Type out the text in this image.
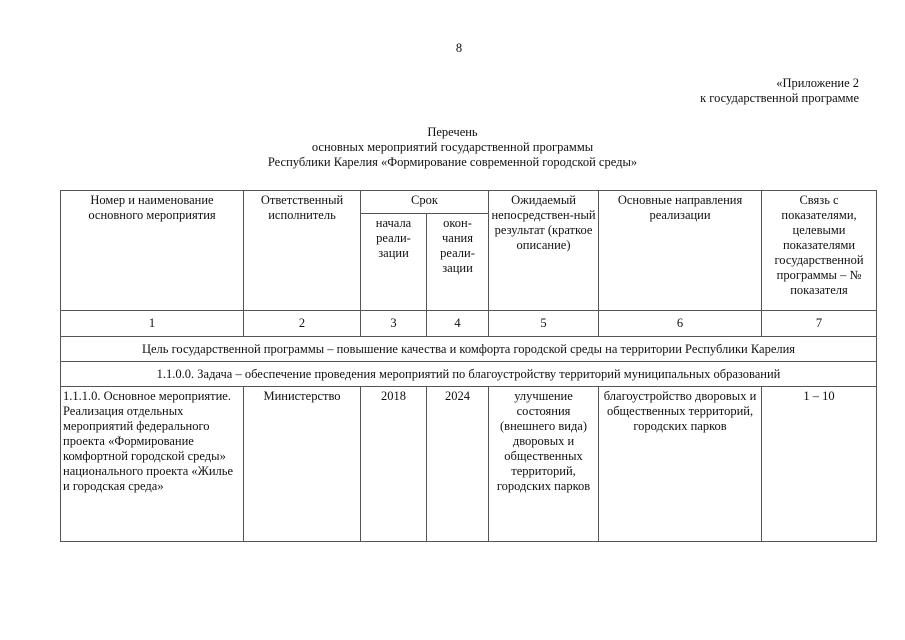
8
«Приложение 2
к государственной программе
Перечень
основных мероприятий государственной программы
Республики Карелия «Формирование современной городской среды»
Номер и наименование основного мероприятия	Ответственный исполнитель	Срок		Ожидаемый непосредствен-ный результат (краткое описание)	Основные направления реализации	Связь с показателями, целевыми показателями государственной программы – № показателя
		начала реали-зации	окон-чания реали-зации			
1	2	3	4	5	6	7
Цель государственной программы – повышение качества и комфорта городской среды на территории Республики Карелия						
1.1.0.0. Задача – обеспечение проведения мероприятий по благоустройству территорий муниципальных образований						
1.1.1.0. Основное мероприятие. Реализация отдельных мероприятий федерального проекта «Формирование комфортной городской среды» национального проекта «Жилье и городская среда»	Министерство	2018	2024	улучшение состояния (внешнего вида) дворовых и общественных территорий, городских парков	благоустройство дворовых и общественных территорий, городских парков	1 – 10
